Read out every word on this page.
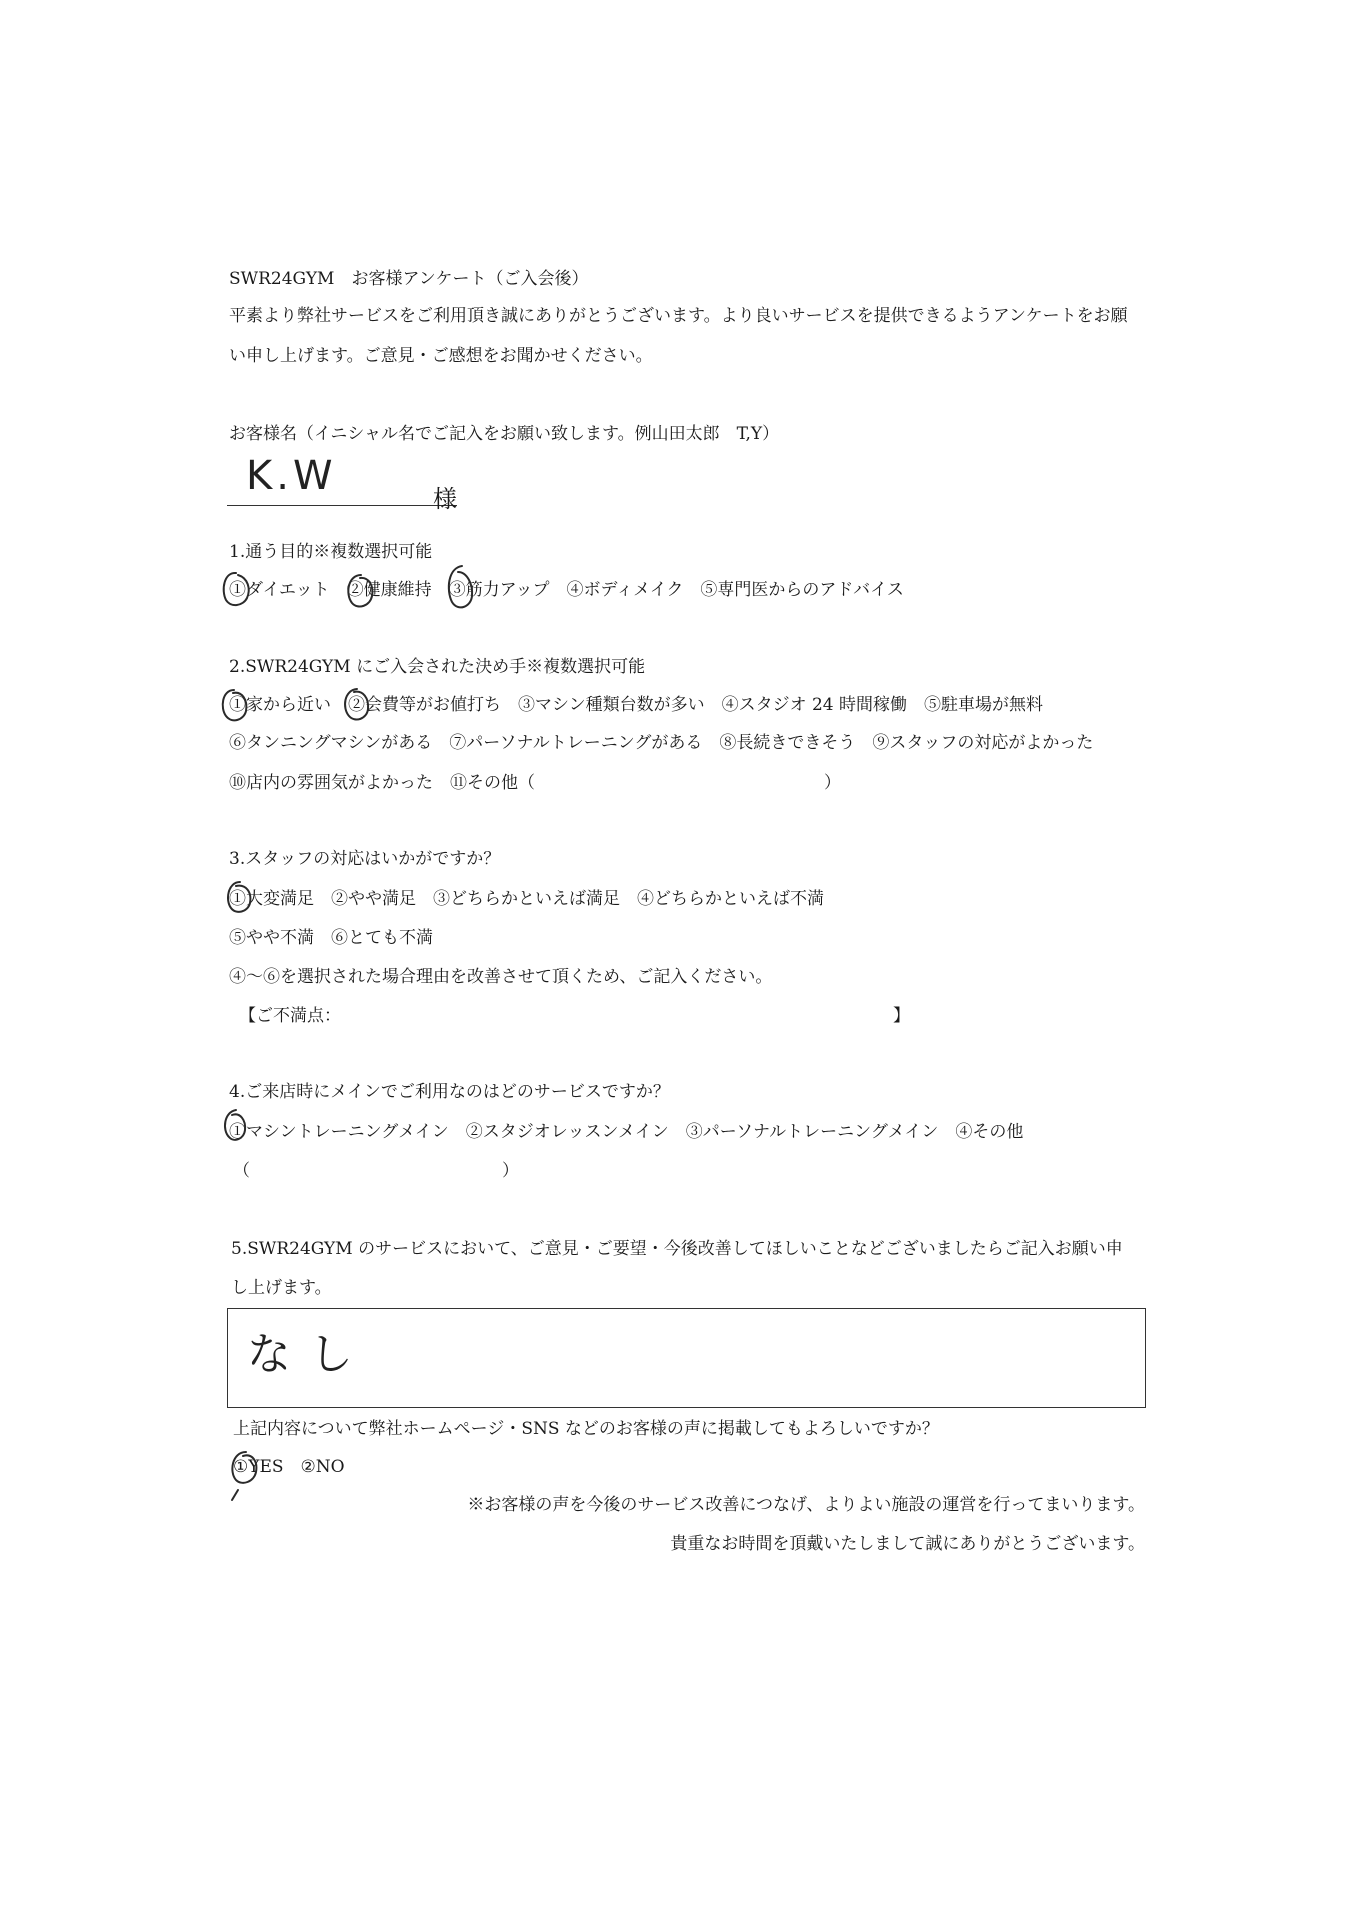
SWR24GYM　お客様アンケート（ご入会後）
平素より弊社サービスをご利用頂き誠にありがとうございます。より良いサービスを提供できるようアンケートをお願
い申し上げます。ご意見・ご感想をお聞かせください。
お客様名（イニシャル名でご記入をお願い致します。例山田太郎　T,Y）
K.W	様
1.通う目的※複数選択可能
①ダイエット　②健康維持　③筋力アップ　④ボディメイク　⑤専門医からのアドバイス
2.SWR24GYM にご入会された決め手※複数選択可能
①家から近い　②会費等がお値打ち　③マシン種類台数が多い　④スタジオ 24 時間稼働　⑤駐車場が無料
⑥タンニングマシンがある　⑦パーソナルトレーニングがある　⑧長続きできそう　⑨スタッフの対応がよかった
⑩店内の雰囲気がよかった　⑪その他（　　　　　　　　　　　　　　　　　）
3.スタッフの対応はいかがですか？
①大変満足　②やや満足　③どちらかといえば満足　④どちらかといえば不満
⑤やや不満　⑥とても不満
④～⑥を選択された場合理由を改善させて頂くため、ご記入ください。
【ご不満点：	】
4.ご来店時にメインでご利用なのはどのサービスですか？
①マシントレーニングメイン　②スタジオレッスンメイン　③パーソナルトレーニングメイン　④その他
（	）
5.SWR24GYM のサービスにおいて、ご意見・ご要望・今後改善してほしいことなどございましたらご記入お願い申
し上げます。
なし
上記内容について弊社ホームページ・SNS などのお客様の声に掲載してもよろしいですか？
①YES　②NO
※お客様の声を今後のサービス改善につなげ、よりよい施設の運営を行ってまいります。
貴重なお時間を頂戴いたしまして誠にありがとうございます。
